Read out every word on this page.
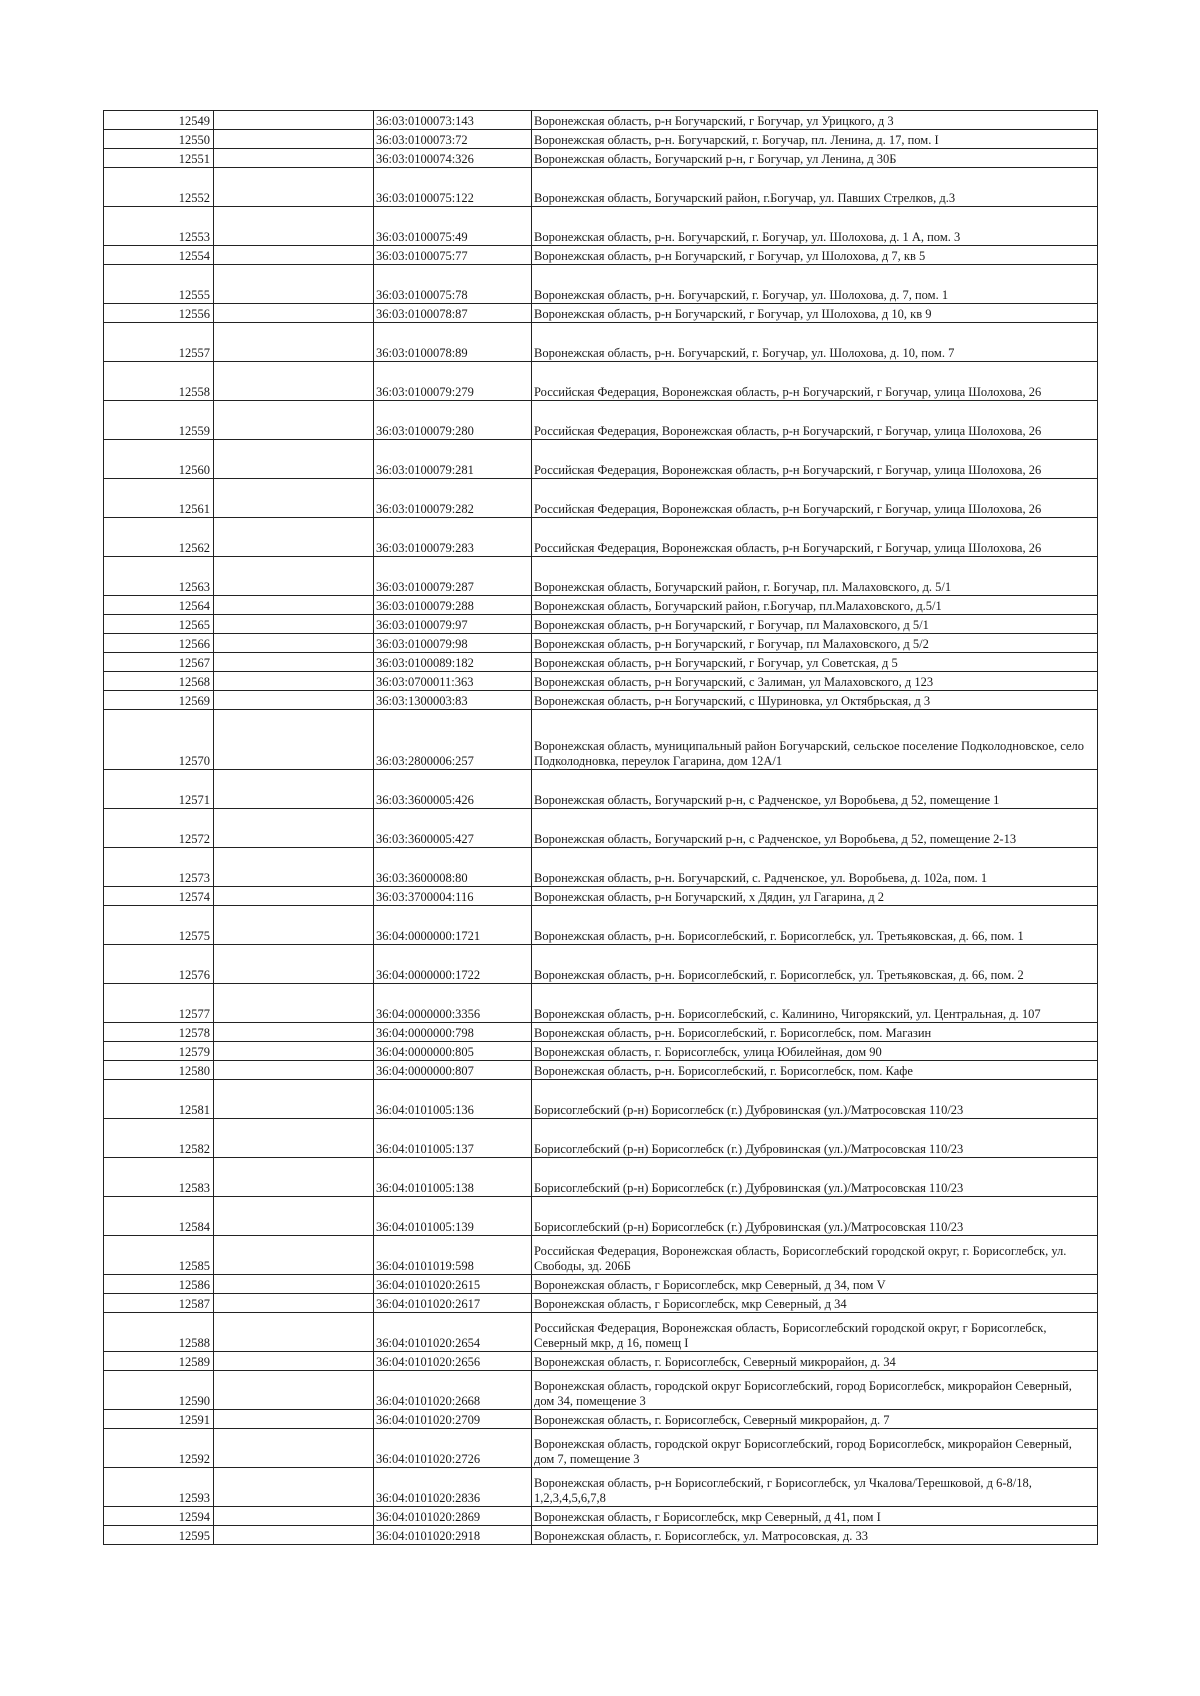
12549		36:03:0100073:143	Воронежская область, р-н Богучарский, г Богучар, ул Урицкого, д 3
12550		36:03:0100073:72	Воронежская область, р-н. Богучарский, г. Богучар, пл. Ленина, д. 17, пом. I
12551		36:03:0100074:326	Воронежская область, Богучарский р-н, г Богучар, ул Ленина, д 30Б
12552		36:03:0100075:122	Воронежская область, Богучарский район, г.Богучар, ул. Павших Стрелков, д.3
12553		36:03:0100075:49	Воронежская область, р-н. Богучарский, г. Богучар, ул. Шолохова, д. 1 А, пом. 3
12554		36:03:0100075:77	Воронежская область, р-н Богучарский, г Богучар, ул Шолохова, д 7, кв 5
12555		36:03:0100075:78	Воронежская область, р-н. Богучарский, г. Богучар, ул. Шолохова, д. 7, пом. 1
12556		36:03:0100078:87	Воронежская область, р-н Богучарский, г Богучар, ул Шолохова, д 10, кв 9
12557		36:03:0100078:89	Воронежская область, р-н. Богучарский, г. Богучар, ул. Шолохова, д. 10, пом. 7
12558		36:03:0100079:279	Российская Федерация, Воронежская область, р-н Богучарский, г Богучар, улица Шолохова, 26
12559		36:03:0100079:280	Российская Федерация, Воронежская область, р-н Богучарский, г Богучар, улица Шолохова, 26
12560		36:03:0100079:281	Российская Федерация, Воронежская область, р-н Богучарский, г Богучар, улица Шолохова, 26
12561		36:03:0100079:282	Российская Федерация, Воронежская область, р-н Богучарский, г Богучар, улица Шолохова, 26
12562		36:03:0100079:283	Российская Федерация, Воронежская область, р-н Богучарский, г Богучар, улица Шолохова, 26
12563		36:03:0100079:287	Воронежская область, Богучарский район, г. Богучар, пл. Малаховского, д. 5/1
12564		36:03:0100079:288	Воронежская область, Богучарский район, г.Богучар, пл.Малаховского, д.5/1
12565		36:03:0100079:97	Воронежская область, р-н Богучарский, г Богучар, пл Малаховского, д 5/1
12566		36:03:0100079:98	Воронежская область, р-н Богучарский, г Богучар, пл Малаховского, д 5/2
12567		36:03:0100089:182	Воронежская область, р-н Богучарский, г Богучар, ул Советская, д 5
12568		36:03:0700011:363	Воронежская область, р-н Богучарский, с Залиман, ул Малаховского, д 123
12569		36:03:1300003:83	Воронежская область, р-н Богучарский, с Шуриновка, ул Октябрьская, д 3
12570		36:03:2800006:257	Воронежская область, муниципальный район Богучарский, сельское поселение Подколодновское, село Подколодновка, переулок Гагарина, дом 12А/1
12571		36:03:3600005:426	Воронежская область, Богучарский р-н, с Радченское, ул Воробьева, д 52, помещение 1
12572		36:03:3600005:427	Воронежская область, Богучарский р-н, с Радченское, ул Воробьева, д 52, помещение 2-13
12573		36:03:3600008:80	Воронежская область, р-н. Богучарский, с. Радченское, ул. Воробьева, д. 102а, пом. 1
12574		36:03:3700004:116	Воронежская область, р-н Богучарский, х Дядин, ул Гагарина, д 2
12575		36:04:0000000:1721	Воронежская область, р-н. Борисоглебский, г. Борисоглебск, ул. Третьяковская, д. 66, пом. 1
12576		36:04:0000000:1722	Воронежская область, р-н. Борисоглебский, г. Борисоглебск, ул. Третьяковская, д. 66, пом. 2
12577		36:04:0000000:3356	Воронежская область, р-н. Борисоглебский, с. Калинино, Чигорякский, ул. Центральная, д. 107
12578		36:04:0000000:798	Воронежская область, р-н. Борисоглебский, г. Борисоглебск, пом. Магазин
12579		36:04:0000000:805	Воронежская область, г. Борисоглебск, улица Юбилейная, дом 90
12580		36:04:0000000:807	Воронежская область, р-н. Борисоглебский, г. Борисоглебск, пом. Кафе
12581		36:04:0101005:136	Борисоглебский (р-н) Борисоглебск (г.) Дубровинская (ул.)/Матросовская 110/23
12582		36:04:0101005:137	Борисоглебский (р-н) Борисоглебск (г.) Дубровинская (ул.)/Матросовская 110/23
12583		36:04:0101005:138	Борисоглебский (р-н) Борисоглебск (г.) Дубровинская (ул.)/Матросовская 110/23
12584		36:04:0101005:139	Борисоглебский (р-н) Борисоглебск (г.) Дубровинская (ул.)/Матросовская 110/23
12585		36:04:0101019:598	Российская Федерация, Воронежская область, Борисоглебский городской округ, г. Борисоглебск, ул. Свободы, зд. 206Б
12586		36:04:0101020:2615	Воронежская область, г Борисоглебск, мкр Северный, д 34, пом V
12587		36:04:0101020:2617	Воронежская область, г Борисоглебск, мкр Северный, д 34
12588		36:04:0101020:2654	Российская Федерация, Воронежская область, Борисоглебский городской округ, г Борисоглебск, Северный мкр, д 16, помещ I
12589		36:04:0101020:2656	Воронежская область, г. Борисоглебск, Северный микрорайон, д. 34
12590		36:04:0101020:2668	Воронежская область, городской округ Борисоглебский, город Борисоглебск, микрорайон Северный, дом 34, помещение 3
12591		36:04:0101020:2709	Воронежская область, г. Борисоглебск, Северный микрорайон, д. 7
12592		36:04:0101020:2726	Воронежская область, городской округ Борисоглебский, город Борисоглебск, микрорайон Северный, дом 7, помещение 3
12593		36:04:0101020:2836	Воронежская область, р-н Борисоглебский, г Борисоглебск, ул Чкалова/Терешковой, д 6-8/18, 1,2,3,4,5,6,7,8
12594		36:04:0101020:2869	Воронежская область, г Борисоглебск, мкр Северный, д 41, пом I
12595		36:04:0101020:2918	Воронежская область, г. Борисоглебск, ул. Матросовская, д. 33
